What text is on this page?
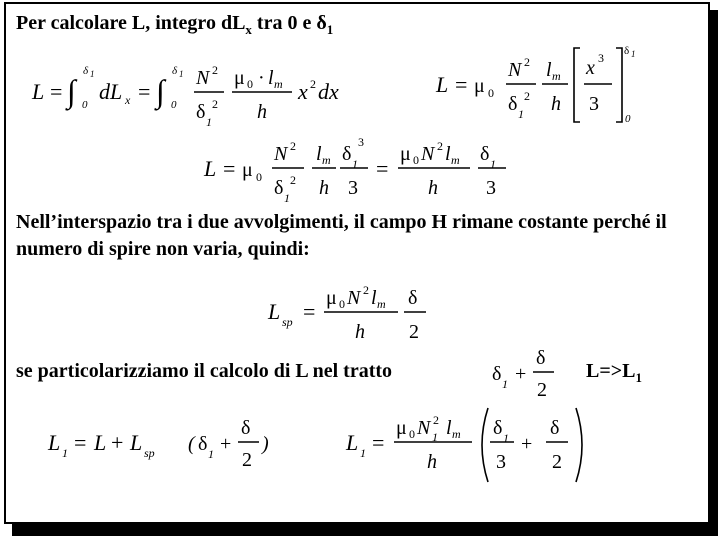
Per calcolare L, integro $dL_x$ tra 0 e $\delta_1$
L = ∫
δ 1
0
dL x = ∫
δ 1
0
N 2
δ 1
2
μ 0 · l m
h
x 2 dx	L = μ 0
N 2
δ 1
2
l m
h
x 3
3
δ 1
0
L = μ 0
N 2
δ 1
2
l m
h
δ 1
3
3
=
μ 0 N 2 l m
h
δ 1
3
Nell’interspazio tra i due avvolgimenti, il campo H rimane costante perché il numero di spire non varia, quindi:
L sp =
μ 0 N 2 l m
h
δ
2
se particolarizziamo il calcolo di L nel tratto	δ 1 +
δ
2
$L=>L_1$
L 1 = L + L sp ( δ 1 +
δ
2
)	L 1 =
μ 0 N 1
2 l m
h
δ 1
3
+
δ
2
